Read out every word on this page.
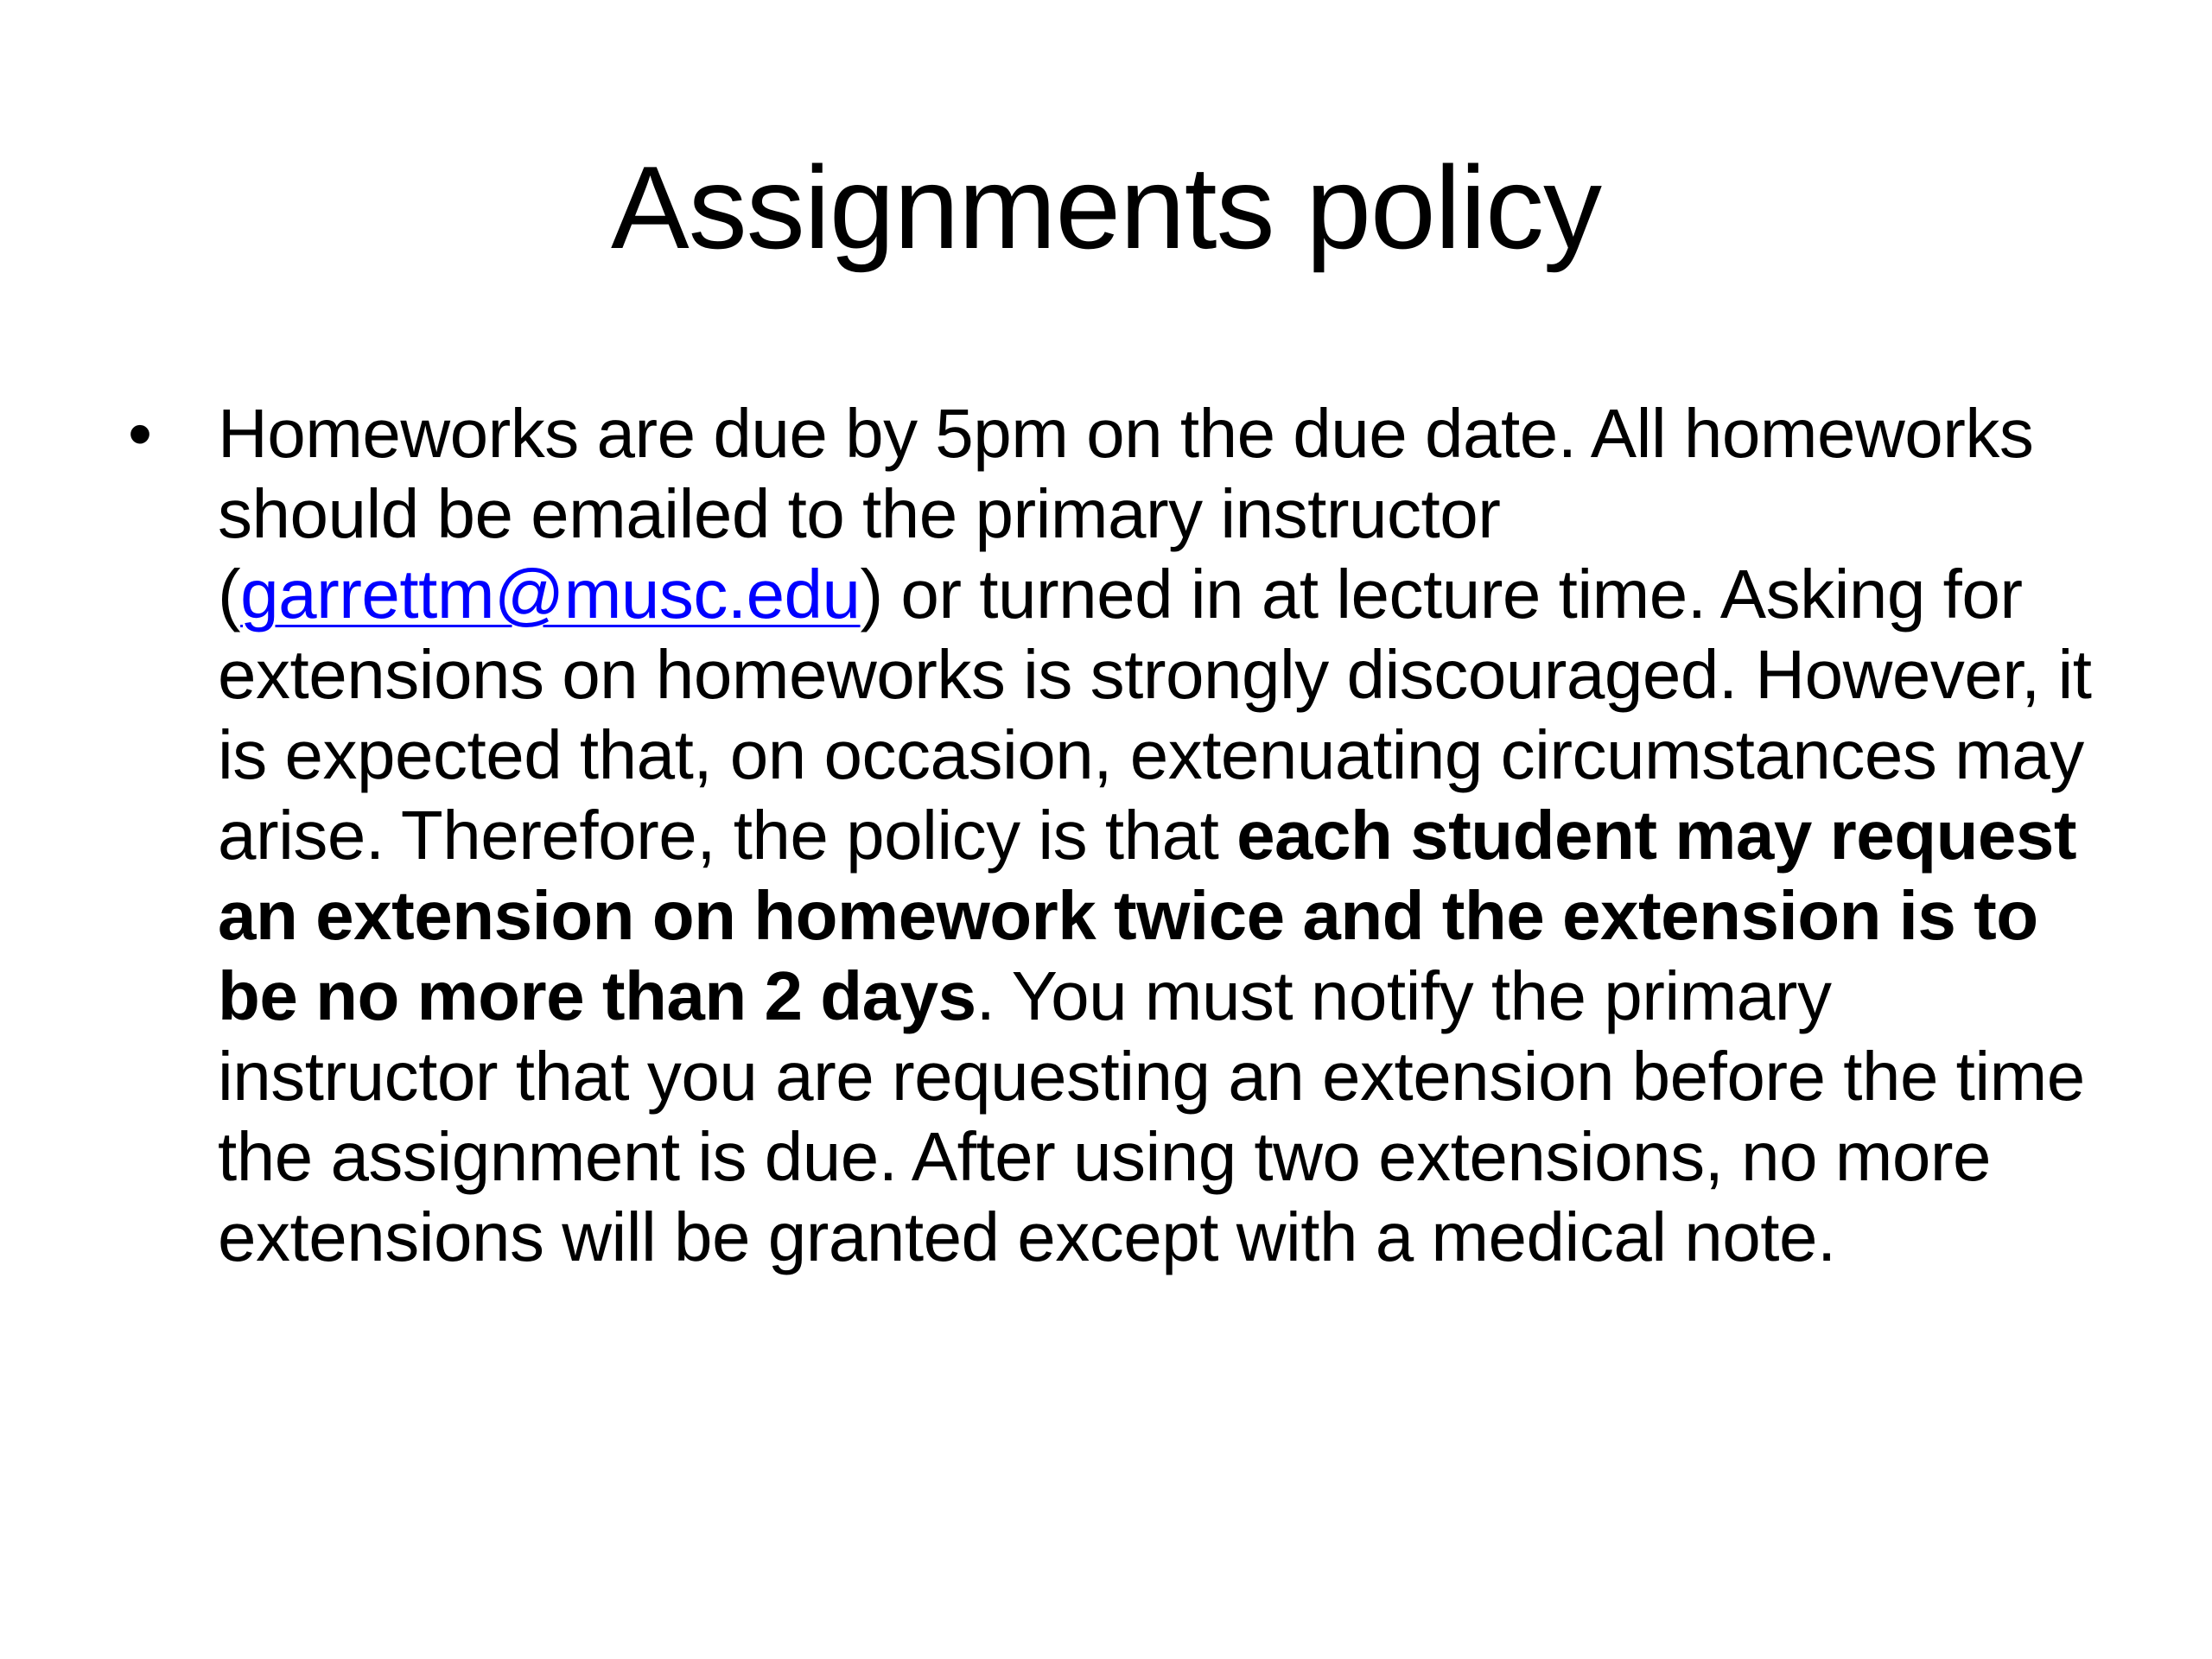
Assignments policy
• Homeworks are due by 5pm on the due date. All homeworks should be emailed to the primary instructor (garrettm@musc.edu) or turned in at lecture time. Asking for extensions on homeworks is strongly discouraged. However, it is expected that, on occasion, extenuating circumstances may arise. Therefore, the policy is that each student may request an extension on homework twice and the extension is to be no more than 2 days. You must notify the primary instructor that you are requesting an extension before the time the assignment is due. After using two extensions, no more extensions will be granted except with a medical note.
